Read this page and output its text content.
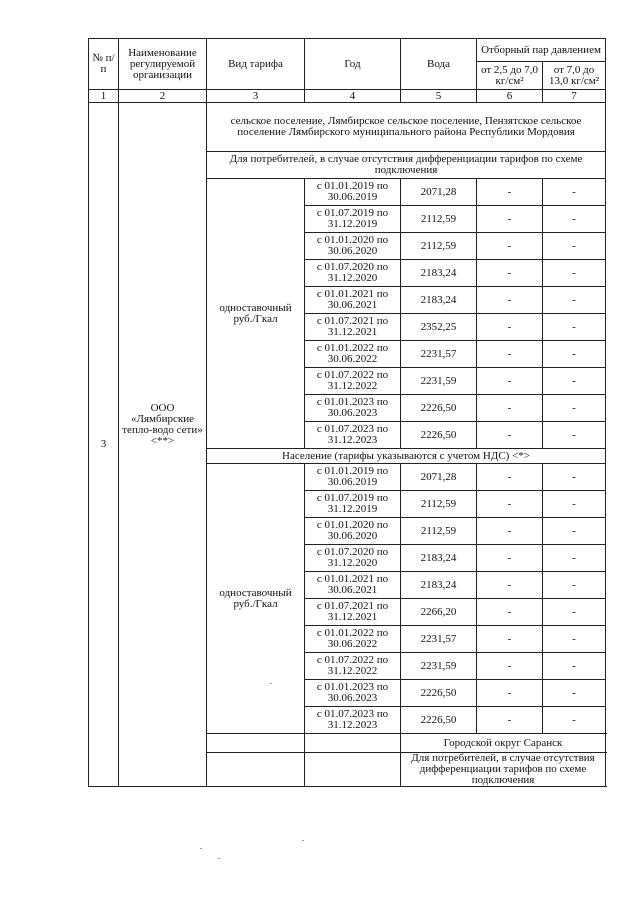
№ п/п	Наименование регулируемой организации	Вид тарифа	Год	Вода	Отборный пар давлением	
					от 2,5 до 7,0 кг/см²	от 7,0 до 13,0 кг/см²
1	2	3	4	5	6	7
3	ООО «Лямбирские тепло-водо сети» <**>	сельское поселение, Лямбирское сельское поселение, Пензятское сельское поселение Лямбирского муниципального района Республики Мордовия				
		Для потребителей, в случае отсутствия дифференциации тарифов по схеме подключения				
		одноставочный руб./Гкал	с 01.01.2019 по 30.06.2019	2071,28	-	-
			с 01.07.2019 по 31.12.2019	2112,59	-	-
			с 01.01.2020 по 30.06.2020	2112,59	-	-
			с 01.07.2020 по 31.12.2020	2183,24	-	-
			с 01.01.2021 по 30.06.2021	2183,24	-	-
			с 01.07.2021 по 31.12.2021	2352,25	-	-
			с 01.01.2022 по 30.06.2022	2231,57	-	-
			с 01.07.2022 по 31.12.2022	2231,59	-	-
			с 01.01.2023 по 30.06.2023	2226,50	-	-
			с 01.07.2023 по 31.12.2023	2226,50	-	-
		Население (тарифы указываются с учетом НДС) <*>				
		одноставочный руб./Гкал	с 01.01.2019 по 30.06.2019	2071,28	-	-
			с 01.07.2019 по 31.12.2019	2112,59	-	-
			с 01.01.2020 по 30.06.2020	2112,59	-	-
			с 01.07.2020 по 31.12.2020	2183,24	-	-
			с 01.01.2021 по 30.06.2021	2183,24	-	-
			с 01.07.2021 по 31.12.2021	2266,20	-	-
			с 01.01.2022 по 30.06.2022	2231,57	-	-
			с 01.07.2022 по 31.12.2022	2231,59	-	-
			с 01.01.2023 по 30.06.2023	2226,50	-	-
			с 01.07.2023 по 31.12.2023	2226,50	-	-
				Городской округ Саранск		
				Для потребителей, в случае отсутствия дифференциации тарифов по схеме подключения		
